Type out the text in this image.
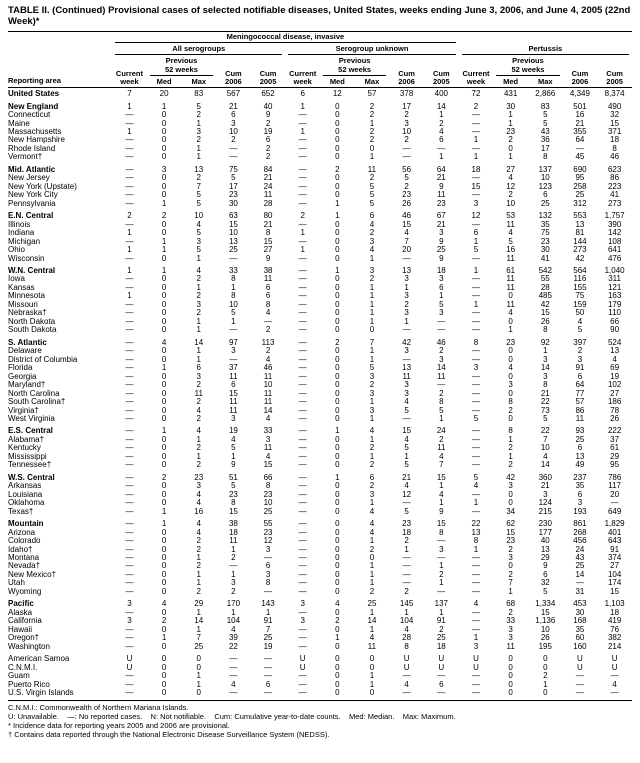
TABLE II. (Continued) Provisional cases of selected notifiable diseases, United States, weeks ending June 3, 2006, and June 4, 2005 (22nd Week)*
Reporting area	Meningococcal disease, invasive														

	All serogroups					Serogroup unknown					Pertussis				

	Current
week	Previous
52 weeks		Cum
2006	Cum
2005	Current
week	Previous
52 weeks		Cum
2006	Cum
2005	Current
week	Previous
52 weeks		Cum
2006	Cum
2005
		Med	Max				Med	Max				Med	Max		
United States	7	20	83	567	652	6	12	57	378	400	72	431	2,866	4,349	8,374
New England	1	1	5	21	40	1	0	2	17	14	2	30	83	501	490
Connecticut	—	0	2	6	9	—	0	2	2	1	—	1	5	16	32
Maine	—	0	1	3	2	—	0	1	3	2	—	1	5	21	15
Massachusetts	1	0	3	10	19	1	0	2	10	4	—	23	43	355	371
New Hampshire	—	0	2	2	6	—	0	2	2	6	1	2	36	64	18
Rhode Island	—	0	1	—	2	—	0	0	—	—	—	0	17	—	8
Vermont†	—	0	1	—	2	—	0	1	—	1	1	1	8	45	46
Mid. Atlantic	—	3	13	75	84	—	2	11	56	64	18	27	137	690	623
New Jersey	—	0	2	5	21	—	0	2	5	21	—	4	10	95	86
New York (Upstate)	—	0	7	17	24	—	0	5	2	9	15	12	123	258	223
New York City	—	0	5	23	11	—	0	5	23	11	—	2	6	25	41
Pennsylvania	—	1	5	30	28	—	1	5	26	23	3	10	25	312	273
E.N. Central	2	2	10	63	80	2	1	6	46	67	12	53	132	553	1,757
Illinois	—	0	4	15	21	—	0	4	15	21	—	11	35	13	390
Indiana	1	0	5	10	8	1	0	2	4	3	6	4	75	81	142
Michigan	—	1	3	13	15	—	0	3	7	9	1	5	23	144	108
Ohio	1	1	5	25	27	1	0	4	20	25	5	16	30	273	641
Wisconsin	—	0	1	—	9	—	0	1	—	9	—	11	41	42	476
W.N. Central	1	1	4	33	38	—	1	3	13	18	1	61	542	564	1,040
Iowa	—	0	2	8	11	—	0	2	3	3	—	11	55	116	311
Kansas	—	0	1	1	6	—	0	1	1	6	—	11	28	155	121
Minnesota	1	0	2	8	6	—	0	1	3	1	—	0	485	75	163
Missouri	—	0	3	10	8	—	0	1	2	5	1	11	42	159	179
Nebraska†	—	0	2	5	4	—	0	1	3	3	—	4	15	50	110
North Dakota	—	0	1	1	—	—	0	1	1	—	—	0	26	4	66
South Dakota	—	0	1	—	2	—	0	0	—	—	—	1	8	5	90
S. Atlantic	—	4	14	97	113	—	2	7	42	46	8	23	92	397	524
Delaware	—	0	1	3	2	—	0	1	3	2	—	0	1	2	13
District of Columbia	—	0	1	—	4	—	0	1	—	3	—	0	3	3	4
Florida	—	1	6	37	46	—	0	5	13	14	3	4	14	91	69
Georgia	—	0	3	11	11	—	0	3	11	11	—	0	3	6	19
Maryland†	—	0	2	6	10	—	0	2	3	—	—	3	8	64	102
North Carolina	—	0	11	15	11	—	0	3	3	2	—	0	21	77	27
South Carolina†	—	0	2	11	11	—	0	1	4	8	—	8	22	57	186
Virginia†	—	0	4	11	14	—	0	3	5	5	—	2	73	86	78
West Virginia	—	0	2	3	4	—	0	1	—	1	5	0	5	11	26
E.S. Central	—	1	4	19	33	—	1	4	15	24	—	8	22	93	222
Alabama†	—	0	1	4	3	—	0	1	4	2	—	1	7	25	37
Kentucky	—	0	2	5	11	—	0	2	5	11	—	2	10	6	61
Mississippi	—	0	1	1	4	—	0	1	1	4	—	1	4	13	29
Tennessee†	—	0	2	9	15	—	0	2	5	7	—	2	14	49	95
W.S. Central	—	2	23	51	66	—	1	6	21	15	5	42	360	237	786
Arkansas	—	0	3	5	8	—	0	2	4	1	4	3	21	35	117
Louisiana	—	0	4	23	23	—	0	3	12	4	—	0	3	6	20
Oklahoma	—	0	4	8	10	—	0	1	—	1	1	0	124	3	—
Texas†	—	1	16	15	25	—	0	4	5	9	—	34	215	193	649
Mountain	—	1	4	38	55	—	0	4	23	15	22	62	230	861	1,829
Arizona	—	0	4	18	23	—	0	4	18	8	13	15	177	268	401
Colorado	—	0	2	11	12	—	0	1	2	—	8	23	40	456	643
Idaho†	—	0	2	1	3	—	0	2	1	3	1	2	13	24	91
Montana	—	0	1	2	—	—	0	0	—	—	—	3	29	43	374
Nevada†	—	0	2	—	6	—	0	1	—	1	—	0	9	25	27
New Mexico†	—	0	1	1	3	—	0	1	—	2	—	2	6	14	104
Utah	—	0	1	3	8	—	0	1	—	1	—	7	32	—	174
Wyoming	—	0	2	2	—	—	0	2	2	—	—	1	5	31	15
Pacific	3	4	29	170	143	3	4	25	145	137	4	68	1,334	453	1,103
Alaska	—	0	1	1	1	—	0	1	1	1	—	2	15	30	18
California	3	2	14	104	91	3	2	14	104	91	—	33	1,136	168	419
Hawaii	—	0	1	4	7	—	0	1	4	2	—	3	10	35	76
Oregon†	—	1	7	39	25	—	1	4	28	25	1	3	26	60	382
Washington	—	0	25	22	19	—	0	11	8	18	3	11	195	160	214
American Samoa	U	0	0	—	—	U	0	0	U	U	U	0	0	U	U
C.N.M.I.	U	0	0	—	—	U	0	0	U	U	U	0	0	U	U
Guam	—	0	1	—	—	—	0	1	—	—	—	0	2	—	—
Puerto Rico	—	0	1	4	6	—	0	1	4	6	—	0	1	—	4
U.S. Virgin Islands	—	0	0	—	—	—	0	0	—	—	—	0	0	—	—
C.N.M.I.: Commonwealth of Northern Mariana Islands.
U: Unavailable.    —: No reported cases.    N: Not notifiable.    Cum: Cumulative year-to-date counts.    Med: Median.    Max: Maximum.
* Incidence data for reporting years 2005 and 2006 are provisional.
† Contains data reported through the National Electronic Disease Surveillance System (NEDSS).
